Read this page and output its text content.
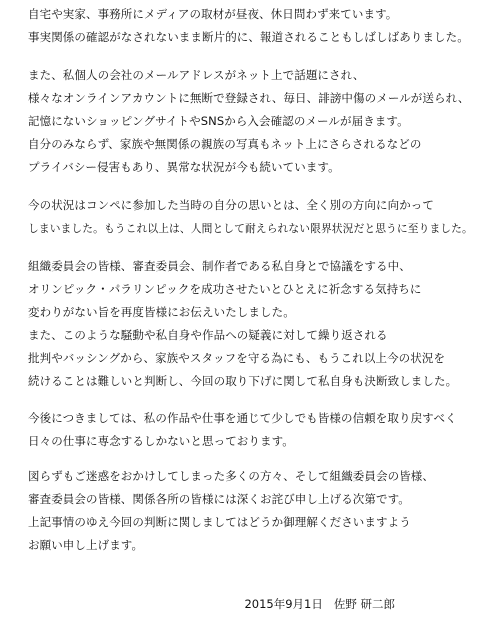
自宅や実家、事務所にメディアの取材が昼夜、休日問わず来ています。
事実関係の確認がなされないまま断片的に、報道されることもしばしばありました。
また、私個人の会社のメールアドレスがネット上で話題にされ、
様々なオンラインアカウントに無断で登録され、毎日、誹謗中傷のメールが送られ、
記憶にないショッピングサイトやSNSから入会確認のメールが届きます。
自分のみならず、家族や無関係の親族の写真もネット上にさらされるなどの
プライバシー侵害もあり、異常な状況が今も続いています。
今の状況はコンペに参加した当時の自分の思いとは、全く別の方向に向かって
しまいました。もうこれ以上は、人間として耐えられない限界状況だと思うに至りました。
組織委員会の皆様、審査委員会、制作者である私自身とで協議をする中、
オリンピック・パラリンピックを成功させたいとひとえに祈念する気持ちに
変わりがない旨を再度皆様にお伝えいたしました。
また、このような騒動や私自身や作品への疑義に対して繰り返される
批判やバッシングから、家族やスタッフを守る為にも、もうこれ以上今の状況を
続けることは難しいと判断し、今回の取り下げに関して私自身も決断致しました。
今後につきましては、私の作品や仕事を通じて少しでも皆様の信頼を取り戻すべく
日々の仕事に専念するしかないと思っております。
図らずもご迷惑をおかけしてしまった多くの方々、そして組織委員会の皆様、
審査委員会の皆様、関係各所の皆様には深くお詫び申し上げる次第です。
上記事情のゆえ今回の判断に関しましてはどうか御理解くださいますよう
お願い申し上げます。
2015年9月1日 佐野 研二郎
